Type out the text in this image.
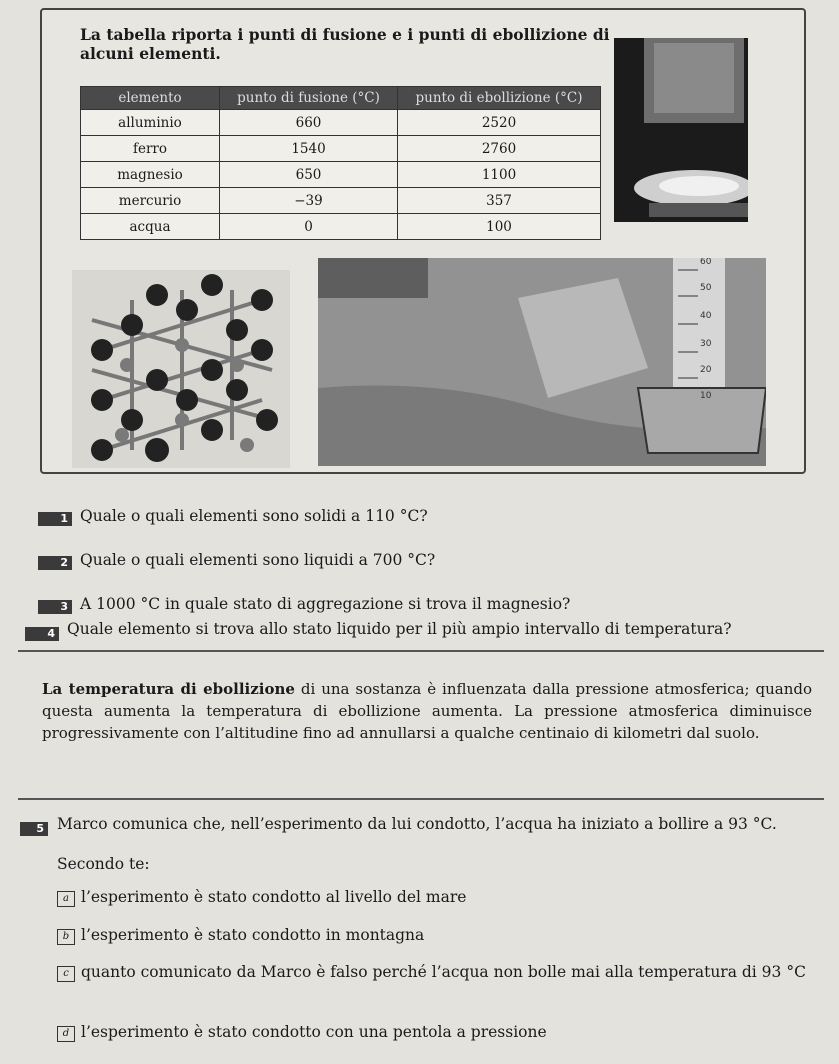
La tabella riporta i punti di fusione e i punti di ebollizione di alcuni elementi.
elemento	punto di fusione (°C)	punto di ebollizione (°C)
alluminio	660	2520
ferro	1540	2760
magnesio	650	1100
mercurio	−39	357
acqua	0	100
60
50
40
30
20
10
1 Quale o quali elementi sono solidi a 110 °C?
2 Quale o quali elementi sono liquidi a 700 °C?
3 A 1000 °C in quale stato di aggregazione si trova il magnesio?
4 Quale elemento si trova allo stato liquido per il più ampio intervallo di temperatura?

La temperatura di ebollizione di una sostanza è influenzata dalla pressione atmosferica; quando questa aumenta la temperatura di ebollizione aumenta. La pressione atmosferica diminuisce progressivamente con l’altitudine fino ad annullarsi a qualche centinaio di kilometri dal suolo.

5 Marco comunica che, nell’esperimento da lui condotto, l’acqua ha iniziato a bollire a 93 °C.
Secondo te:
a l’esperimento è stato condotto al livello del mare
b l’esperimento è stato condotto in montagna
c quanto comunicato da Marco è falso perché l’acqua non bolle mai alla temperatura di 93 °C
d l’esperimento è stato condotto con una pentola a pressione
